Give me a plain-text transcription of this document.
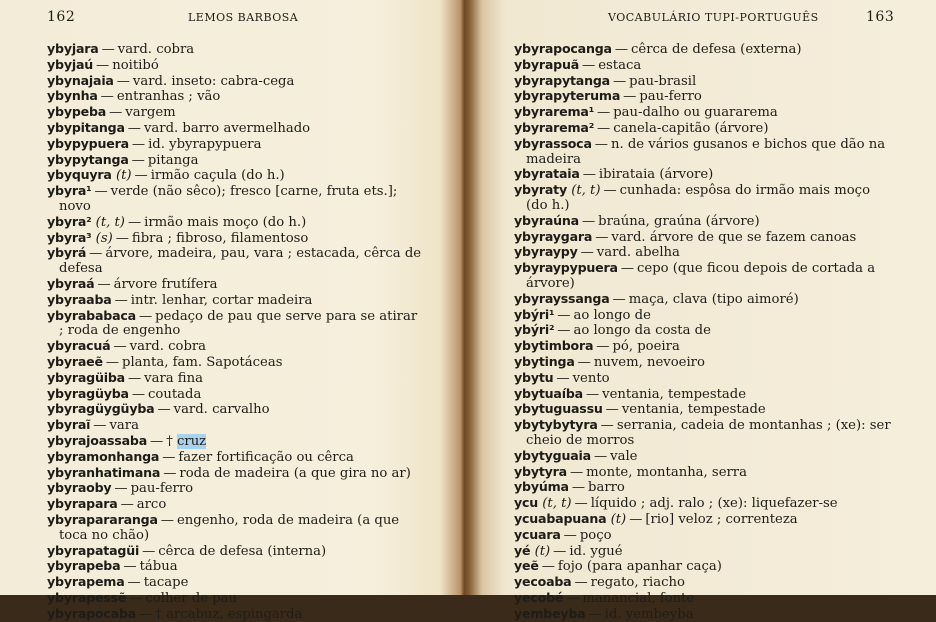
162	LEMOS BARBOSA
ybyjara — vard. cobra
ybyjaú — noitibó
ybynajaia — vard. inseto: cabra-cega
ybynha — entranhas ; vão
ybypeba — vargem
ybypitanga — vard. barro avermelhado
ybypypuera — id. ybyrapypuera
ybypytanga — pitanga
ybyquyra (t) — irmão caçula (do h.)
ybyra¹ — verde (não sêco); fresco [carne, fruta ets.]; novo
ybyra² (t, t) — irmão mais moço (do h.)
ybyra³ (s) — fibra ; fibroso, filamentoso
ybyrá — árvore, madeira, pau, vara ; estacada, cêrca de defesa
ybyraá — árvore frutífera
ybyraaba — intr. lenhar, cortar madeira
ybyrababaca — pedaço de pau que serve para se atirar ; roda de engenho
ybyracuá — vard. cobra
ybyraeẽ — planta, fam. Sapotáceas
ybyragüiba — vara fina
ybyragüyba — coutada
ybyragüygüyba — vard. carvalho
ybyraĩ — vara
ybyrajoassaba — † cruz
ybyramonhanga — fazer fortificação ou cêrca
ybyranhatimana — roda de madeira (a que gira no ar)
ybyraoby — pau-ferro
ybyrapara — arco
ybyrapararanga — engenho, roda de madeira (a que toca no chão)
ybyrapatagüi — cêrca de defesa (interna)
ybyrapeba — tábua
ybyrapema — tacape
ybyrapessẽ — colher de pau
ybyrapocaba — † arcabuz, espingarda
VOCABULÁRIO TUPI-PORTUGUÊS	163
ybyrapocanga — cêrca de defesa (externa)
ybyrapuã — estaca
ybyrapytanga — pau-brasil
ybyrapyteruma — pau-ferro
ybyrarema¹ — pau-dalho ou guararema
ybyrarema² — canela-capitão (árvore)
ybyrassoca — n. de vários gusanos e bichos que dão na madeira
ybyrataia — ibirataia (árvore)
ybyraty (t, t) — cunhada: espôsa do irmão mais moço (do h.)
ybyraúna — braúna, graúna (árvore)
ybyraygara — vard. árvore de que se fazem canoas
ybyraypy — vard. abelha
ybyraypypuera — cepo (que ficou depois de cortada a árvore)
ybyrayssanga — maça, clava (tipo aimoré)
ybýri¹ — ao longo de
ybýri² — ao longo da costa de
ybytimbora — pó, poeira
ybytinga — nuvem, nevoeiro
ybytu — vento
ybytuaíba — ventania, tempestade
ybytuguassu — ventania, tempestade
ybytybytyra — serrania, cadeia de montanhas ; (xe): ser cheio de morros
ybytyguaia — vale
ybytyra — monte, montanha, serra
ybyúma — barro
ycu (t, t) — líquido ; adj. ralo ; (xe): liquefazer-se
ycuabapuana (t) — [rio] veloz ; correnteza
ycuara — poço
yé (t) — id. ygué
yeẽ — fojo (para apanhar caça)
yecoaba — regato, riacho
yecobé — manancial, fonte
yembeyba — id. yembeyba
